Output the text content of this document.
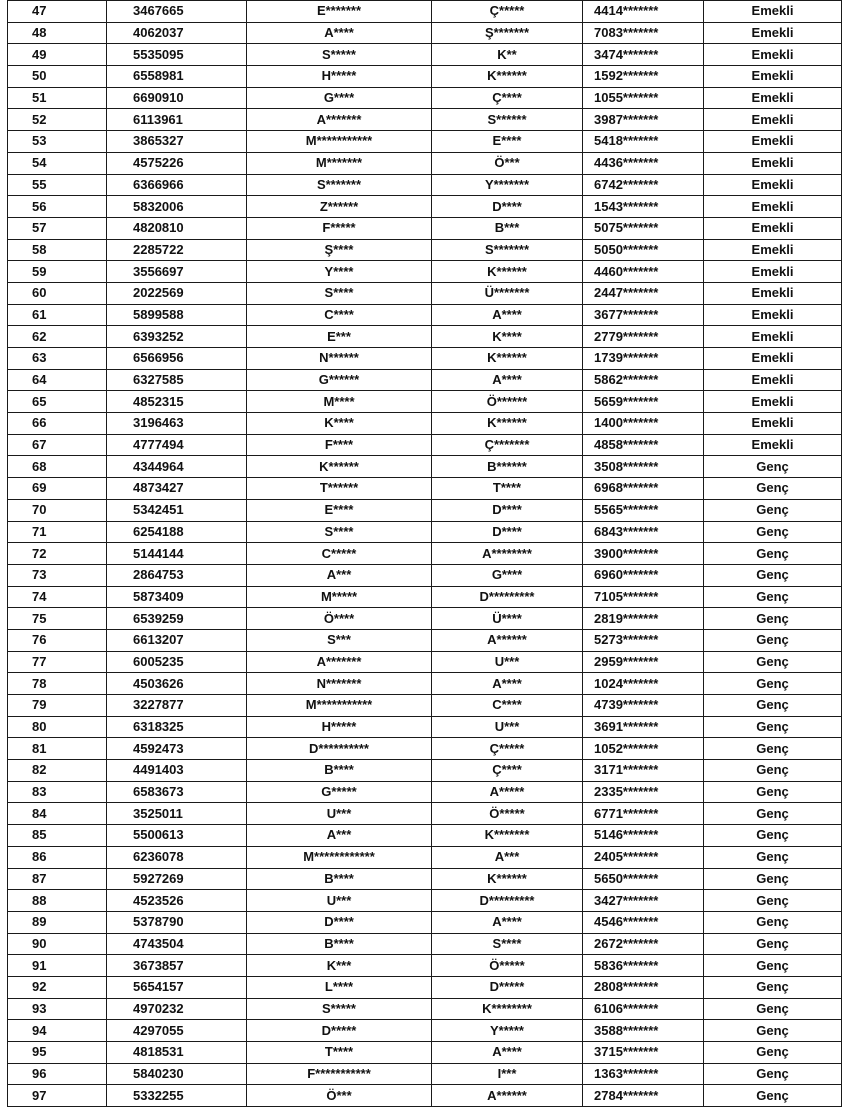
47	3467665	E*******	Ç*****	4414*******	Emekli
48	4062037	A****	Ş*******	7083*******	Emekli
49	5535095	S*****	K**	3474*******	Emekli
50	6558981	H*****	K******	1592*******	Emekli
51	6690910	G****	Ç****	1055*******	Emekli
52	6113961	A*******	S******	3987*******	Emekli
53	3865327	M***********	E****	5418*******	Emekli
54	4575226	M*******	Ö***	4436*******	Emekli
55	6366966	S*******	Y*******	6742*******	Emekli
56	5832006	Z******	D****	1543*******	Emekli
57	4820810	F*****	B***	5075*******	Emekli
58	2285722	Ş****	S*******	5050*******	Emekli
59	3556697	Y****	K******	4460*******	Emekli
60	2022569	S****	Ü*******	2447*******	Emekli
61	5899588	C****	A****	3677*******	Emekli
62	6393252	E***	K****	2779*******	Emekli
63	6566956	N******	K******	1739*******	Emekli
64	6327585	G******	A****	5862*******	Emekli
65	4852315	M****	Ö******	5659*******	Emekli
66	3196463	K****	K******	1400*******	Emekli
67	4777494	F****	Ç*******	4858*******	Emekli
68	4344964	K******	B******	3508*******	Genç
69	4873427	T******	T****	6968*******	Genç
70	5342451	E****	D****	5565*******	Genç
71	6254188	S****	D****	6843*******	Genç
72	5144144	C*****	A********	3900*******	Genç
73	2864753	A***	G****	6960*******	Genç
74	5873409	M*****	D*********	7105*******	Genç
75	6539259	Ö****	Ü****	2819*******	Genç
76	6613207	S***	A******	5273*******	Genç
77	6005235	A*******	U***	2959*******	Genç
78	4503626	N*******	A****	1024*******	Genç
79	3227877	M***********	C****	4739*******	Genç
80	6318325	H*****	U***	3691*******	Genç
81	4592473	D**********	Ç*****	1052*******	Genç
82	4491403	B****	Ç****	3171*******	Genç
83	6583673	G*****	A*****	2335*******	Genç
84	3525011	U***	Ö*****	6771*******	Genç
85	5500613	A***	K*******	5146*******	Genç
86	6236078	M************	A***	2405*******	Genç
87	5927269	B****	K******	5650*******	Genç
88	4523526	U***	D*********	3427*******	Genç
89	5378790	D****	A****	4546*******	Genç
90	4743504	B****	S****	2672*******	Genç
91	3673857	K***	Ö*****	5836*******	Genç
92	5654157	L****	D*****	2808*******	Genç
93	4970232	S*****	K********	6106*******	Genç
94	4297055	D*****	Y*****	3588*******	Genç
95	4818531	T****	A****	3715*******	Genç
96	5840230	F***********	I***	1363*******	Genç
97	5332255	Ö***	A******	2784*******	Genç
